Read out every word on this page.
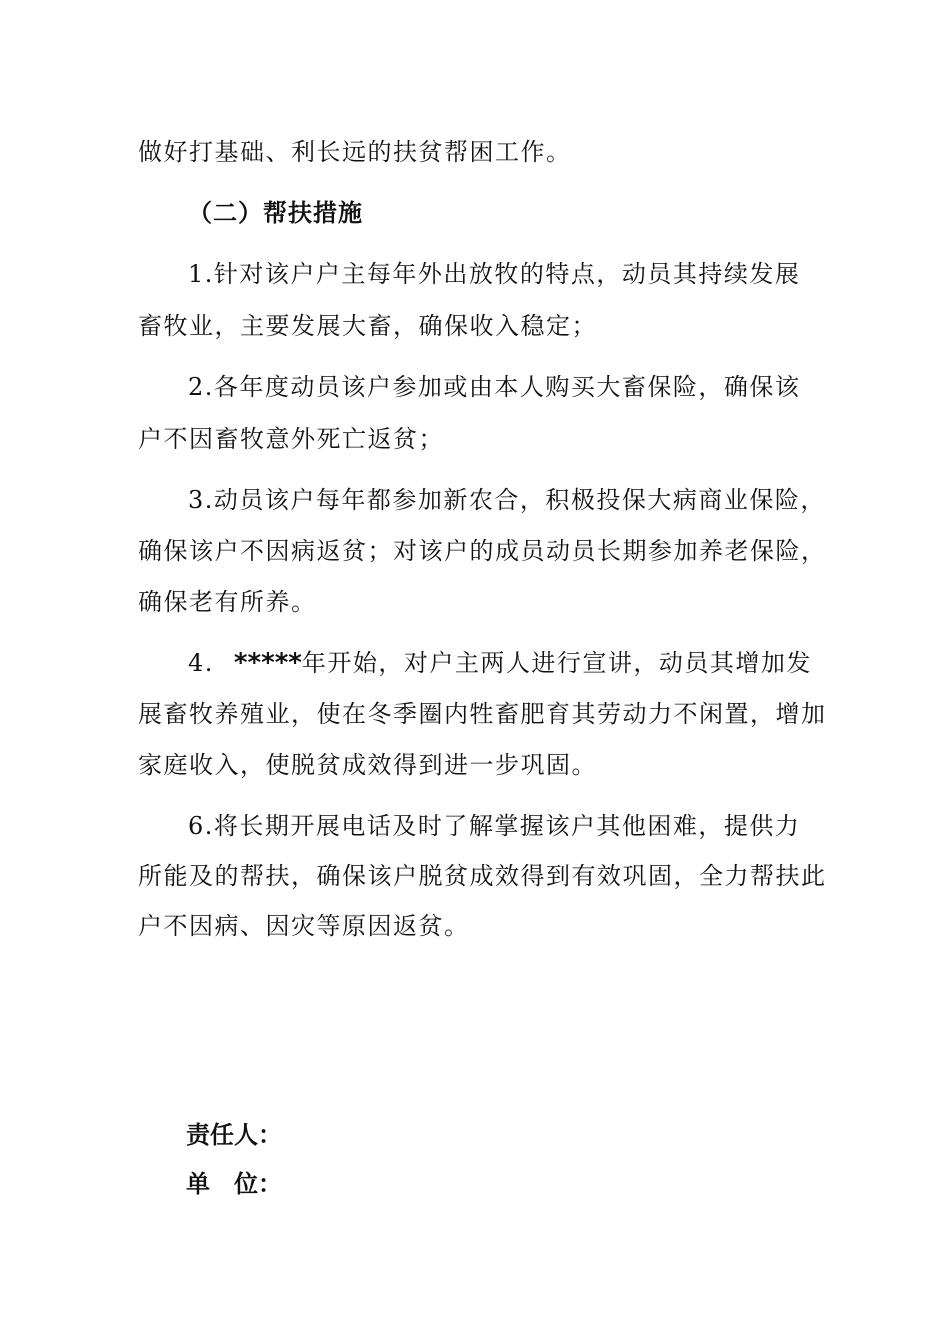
做好打基础、利长远的扶贫帮困工作。
（二）帮扶措施
1.针对该户户主每年外出放牧的特点，动员其持续发展
畜牧业，主要发展大畜，确保收入稳定；
2.各年度动员该户参加或由本人购买大畜保险，确保该
户不因畜牧意外死亡返贫；
3.动员该户每年都参加新农合，积极投保大病商业保险，
确保该户不因病返贫；对该户的成员动员长期参加养老保险，
确保老有所养。
4. *****年开始，对户主两人进行宣讲，动员其增加发
展畜牧养殖业，使在冬季圈内牲畜肥育其劳动力不闲置，增加
家庭收入，使脱贫成效得到进一步巩固。
6.将长期开展电话及时了解掌握该户其他困难，提供力
所能及的帮扶，确保该户脱贫成效得到有效巩固，全力帮扶此
户不因病、因灾等原因返贫。
责任人：
单 位：
